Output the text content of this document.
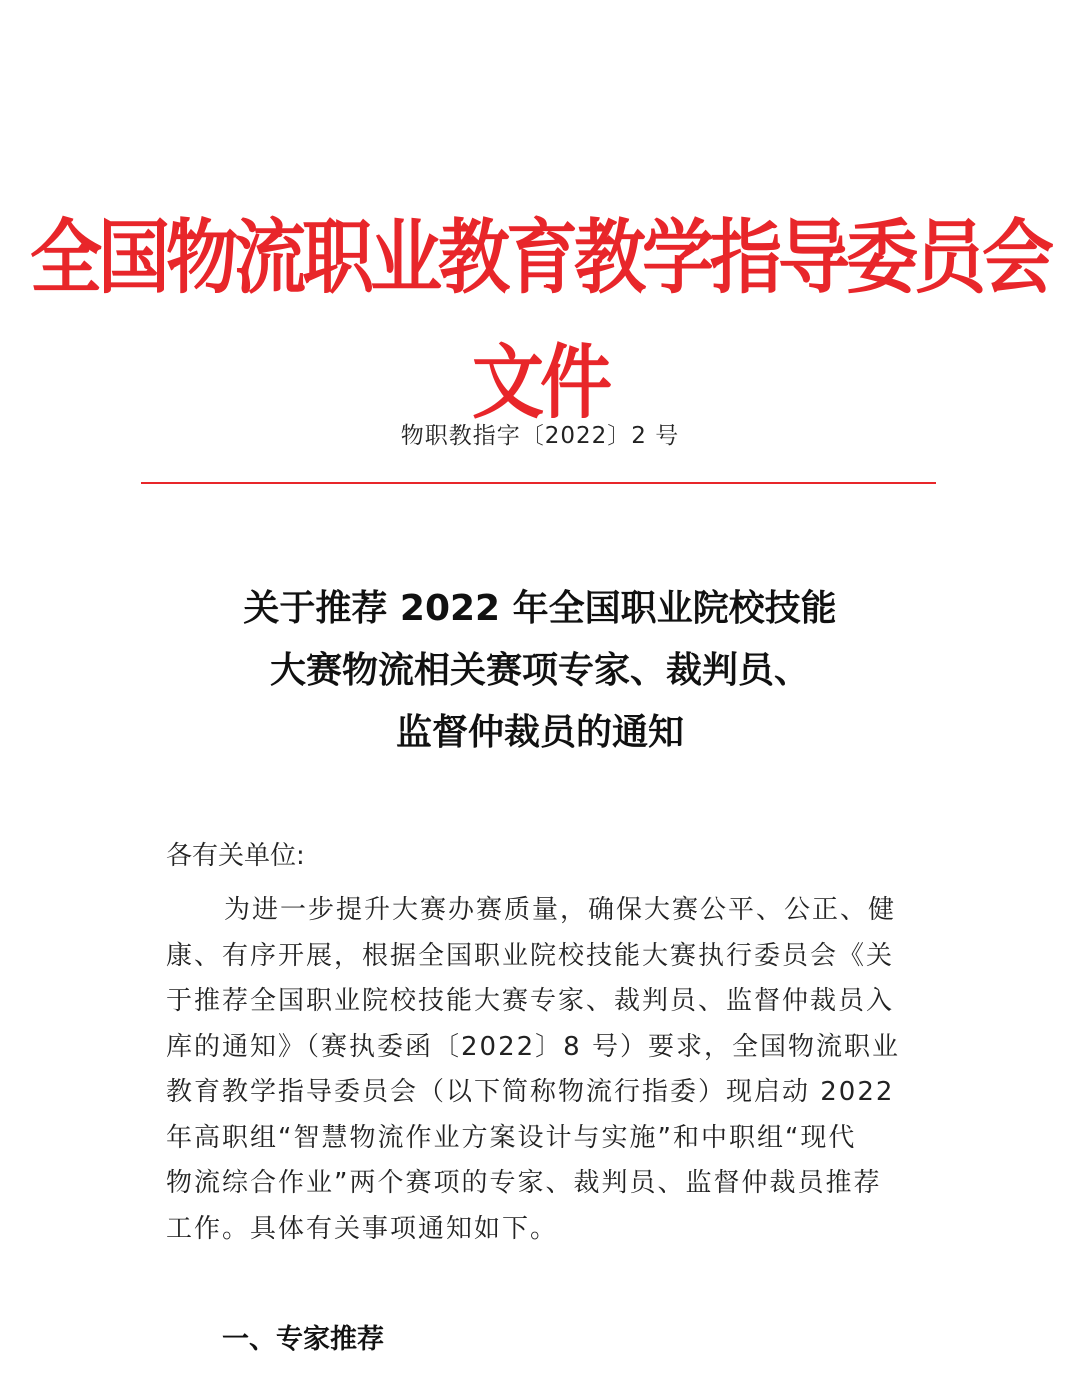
全国物流职业教育教学指导委员会文件
物职教指字〔2022〕2 号
关于推荐 2022 年全国职业院校技能
大赛物流相关赛项专家、裁判员、
监督仲裁员的通知
各有关单位:
为进一步提升大赛办赛质量，确保大赛公平、公正、健
康、有序开展，根据全国职业院校技能大赛执行委员会《关
于推荐全国职业院校技能大赛专家、裁判员、监督仲裁员入
库的通知》（赛执委函〔2022〕8 号）要求，全国物流职业
教育教学指导委员会（以下简称物流行指委）现启动 2022
年高职组“智慧物流作业方案设计与实施”和中职组“现代
物流综合作业”两个赛项的专家、裁判员、监督仲裁员推荐
工作。具体有关事项通知如下。
一、专家推荐
